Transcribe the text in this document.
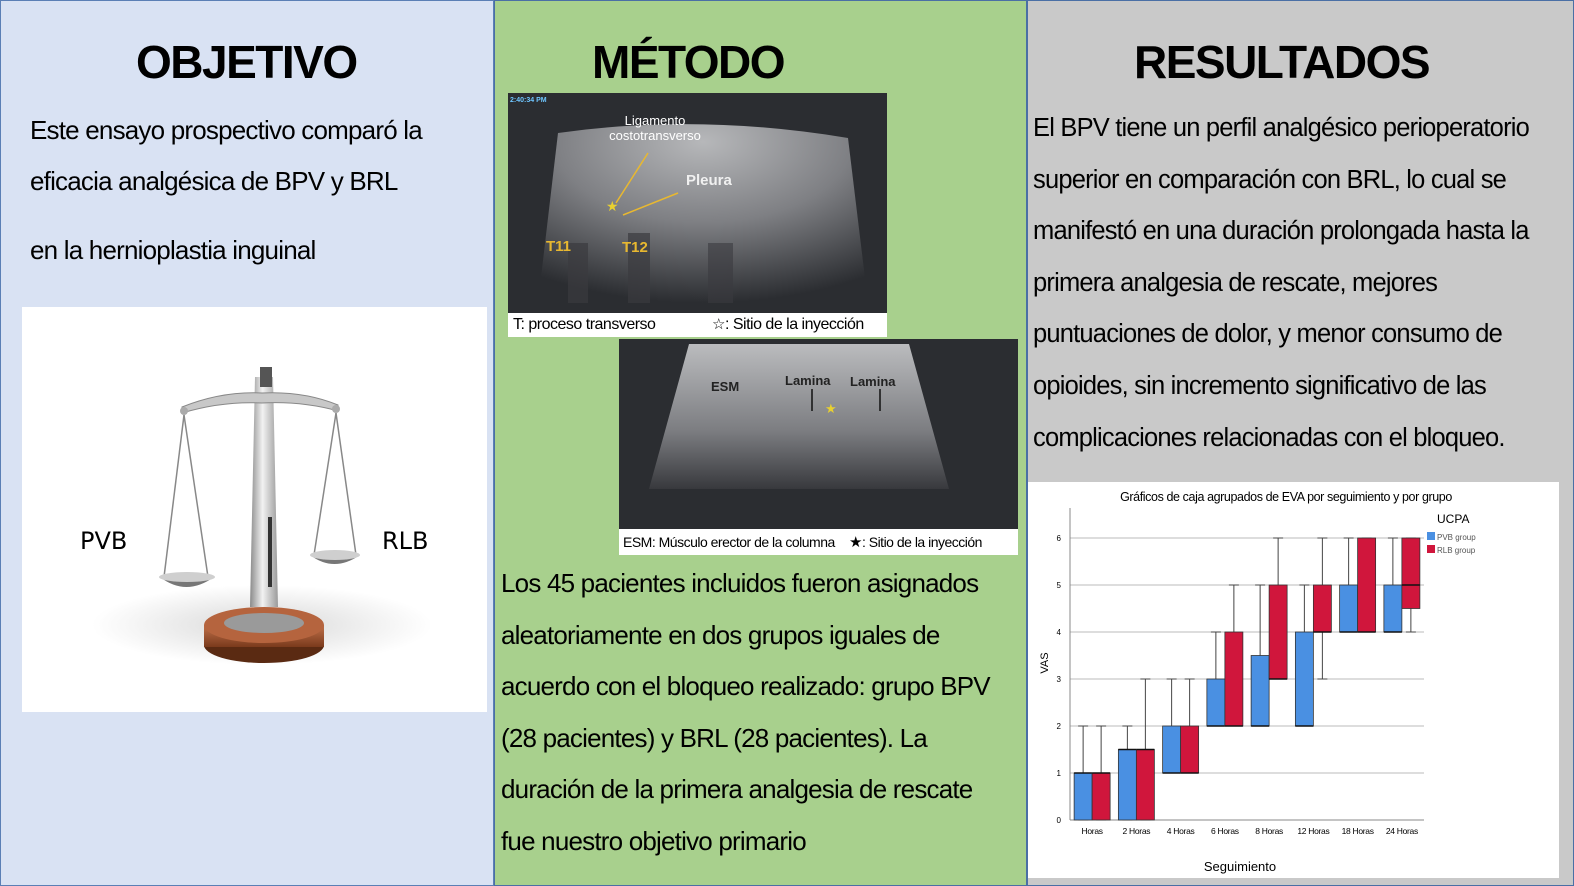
OBJETIVO

Este ensayo prospectivo comparó la
eficacia analgésica de BPV y BRL
en la hernioplastia inguinal

PVB	RLB
MÉTODO
★
2:40:34 PM
Ligamento
costotransverso
Pleura
T11	T12
T: proceso transverso	☆: Sitio de la inyección
★
ESM	Lamina Lamina
ESM: Músculo erector de la columna ★: Sitio de la inyección

Los 45 pacientes incluidos fueron asignados
aleatoriamente en dos grupos iguales de
acuerdo con el bloqueo realizado: grupo BPV
(28 pacientes) y BRL (28 pacientes). La
duración de la primera analgesia de rescate
fue nuestro objetivo primario

RESULTADOS

El BPV tiene un perfil analgésico perioperatorio
superior en comparación con BRL, lo cual se
manifestó en una duración prolongada hasta la
primera analgesia de rescate, mejores
puntuaciones de dolor, y menor consumo de
opioides, sin incremento significativo de las
complicaciones relacionadas con el bloqueo.

Gráficos de caja agrupados de EVA por seguimiento y por grupo
0
1
2
3
4
5
6
VAS
Seguimiento
Horas 2 Horas 4 Horas 6 Horas 8 Horas 12 Horas 18 Horas 24 Horas
UCPA
PVB group
RLB group
